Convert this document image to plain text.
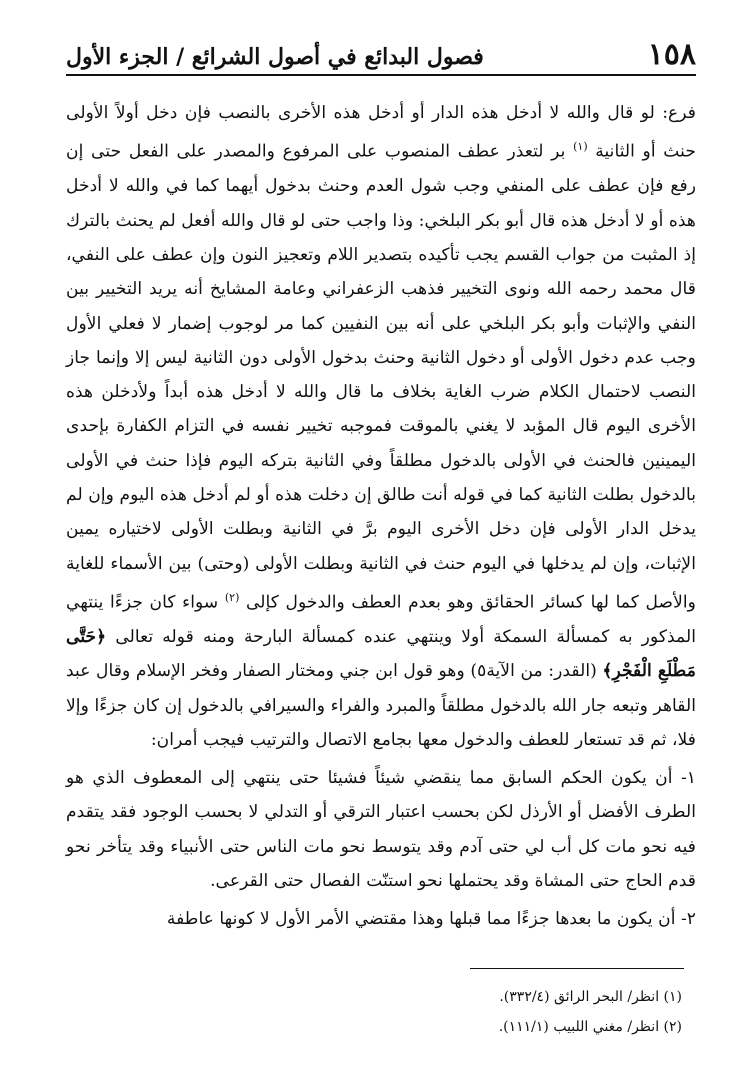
١٥٨
فصول البدائع في أصول الشرائع / الجزء الأول

فرع: لو قال والله لا أدخل هذه الدار أو أدخل هذه الأخرى بالنصب فإن دخل أولاً الأولى حنث أو الثانية $^{(١)}$ بر لتعذر عطف المنصوب على المرفوع والمصدر على الفعل حتى إن رفع فإن عطف على المنفي وجب شول العدم وحنث بدخول أيهما كما في والله لا أدخل هذه أو لا أدخل هذه قال أبو بكر البلخي: وذا واجب حتى لو قال والله أفعل لم يحنث بالترك إذ المثبت من جواب القسم يجب تأكيده بتصدير اللام وتعجيز النون وإن عطف على النفي، قال محمد رحمه الله ونوى التخيير فذهب الزعفراني وعامة المشايخ أنه يريد التخيير بين النفي والإثبات وأبو بكر البلخي على أنه بين النفيين كما مر لوجوب إضمار لا فعلي الأول وجب عدم دخول الأولى أو دخول الثانية وحنث بدخول الأولى دون الثانية ليس إلا وإنما جاز النصب لاحتمال الكلام ضرب الغاية بخلاف ما قال والله لا أدخل هذه أبداً ولأدخلن هذه الأخرى اليوم قال المؤبد لا يغني بالموقت فموجبه تخيير نفسه في التزام الكفارة بإحدى اليمينين فالحنث في الأولى بالدخول مطلقاً وفي الثانية بتركه اليوم فإذا حنث في الأولى بالدخول بطلت الثانية كما في قوله أنت طالق إن دخلت هذه أو لم أدخل هذه اليوم وإن لم يدخل الدار الأولى فإن دخل الأخرى اليوم برَّ في الثانية وبطلت الأولى لاختياره يمين الإثبات، وإن لم يدخلها في اليوم حنث في الثانية وبطلت الأولى (وحتى) بين الأسماء للغاية والأصل كما لها كسائر الحقائق وهو بعدم العطف والدخول كإلى $^{(٢)}$ سواء كان جزءًا ينتهي المذكور به كمسألة السمكة أولا وينتهي عنده كمسألة البارحة ومنه قوله تعالى ﴿حَتَّى مَطْلَعِ الْفَجْرِ﴾ (القدر: من الآية٥) وهو قول ابن جني ومختار الصفار وفخر الإسلام وقال عبد القاهر وتبعه جار الله بالدخول مطلقاً والمبرد والفراء والسيرافي بالدخول إن كان جزءًا وإلا فلا، ثم قد تستعار للعطف والدخول معها بجامع الاتصال والترتيب فيجب أمران:

١- أن يكون الحكم السابق مما ينقضي شيئاً فشيئا حتى ينتهي إلى المعطوف الذي هو الطرف الأفضل أو الأرذل لكن بحسب اعتبار الترقي أو التدلي لا بحسب الوجود فقد يتقدم فيه نحو مات كل أب لي حتى آدم وقد يتوسط نحو مات الناس حتى الأنبياء وقد يتأخر نحو قدم الحاج حتى المشاة وقد يحتملها نحو استنّت الفصال حتى القرعى.

٢- أن يكون ما بعدها جزءًا مما قبلها وهذا مقتضي الأمر الأول لا كونها عاطفة

(١) انظر/ البحر الرائق (٣٣٢/٤).
(٢) انظر/ مغني اللبيب (١١١/١).
